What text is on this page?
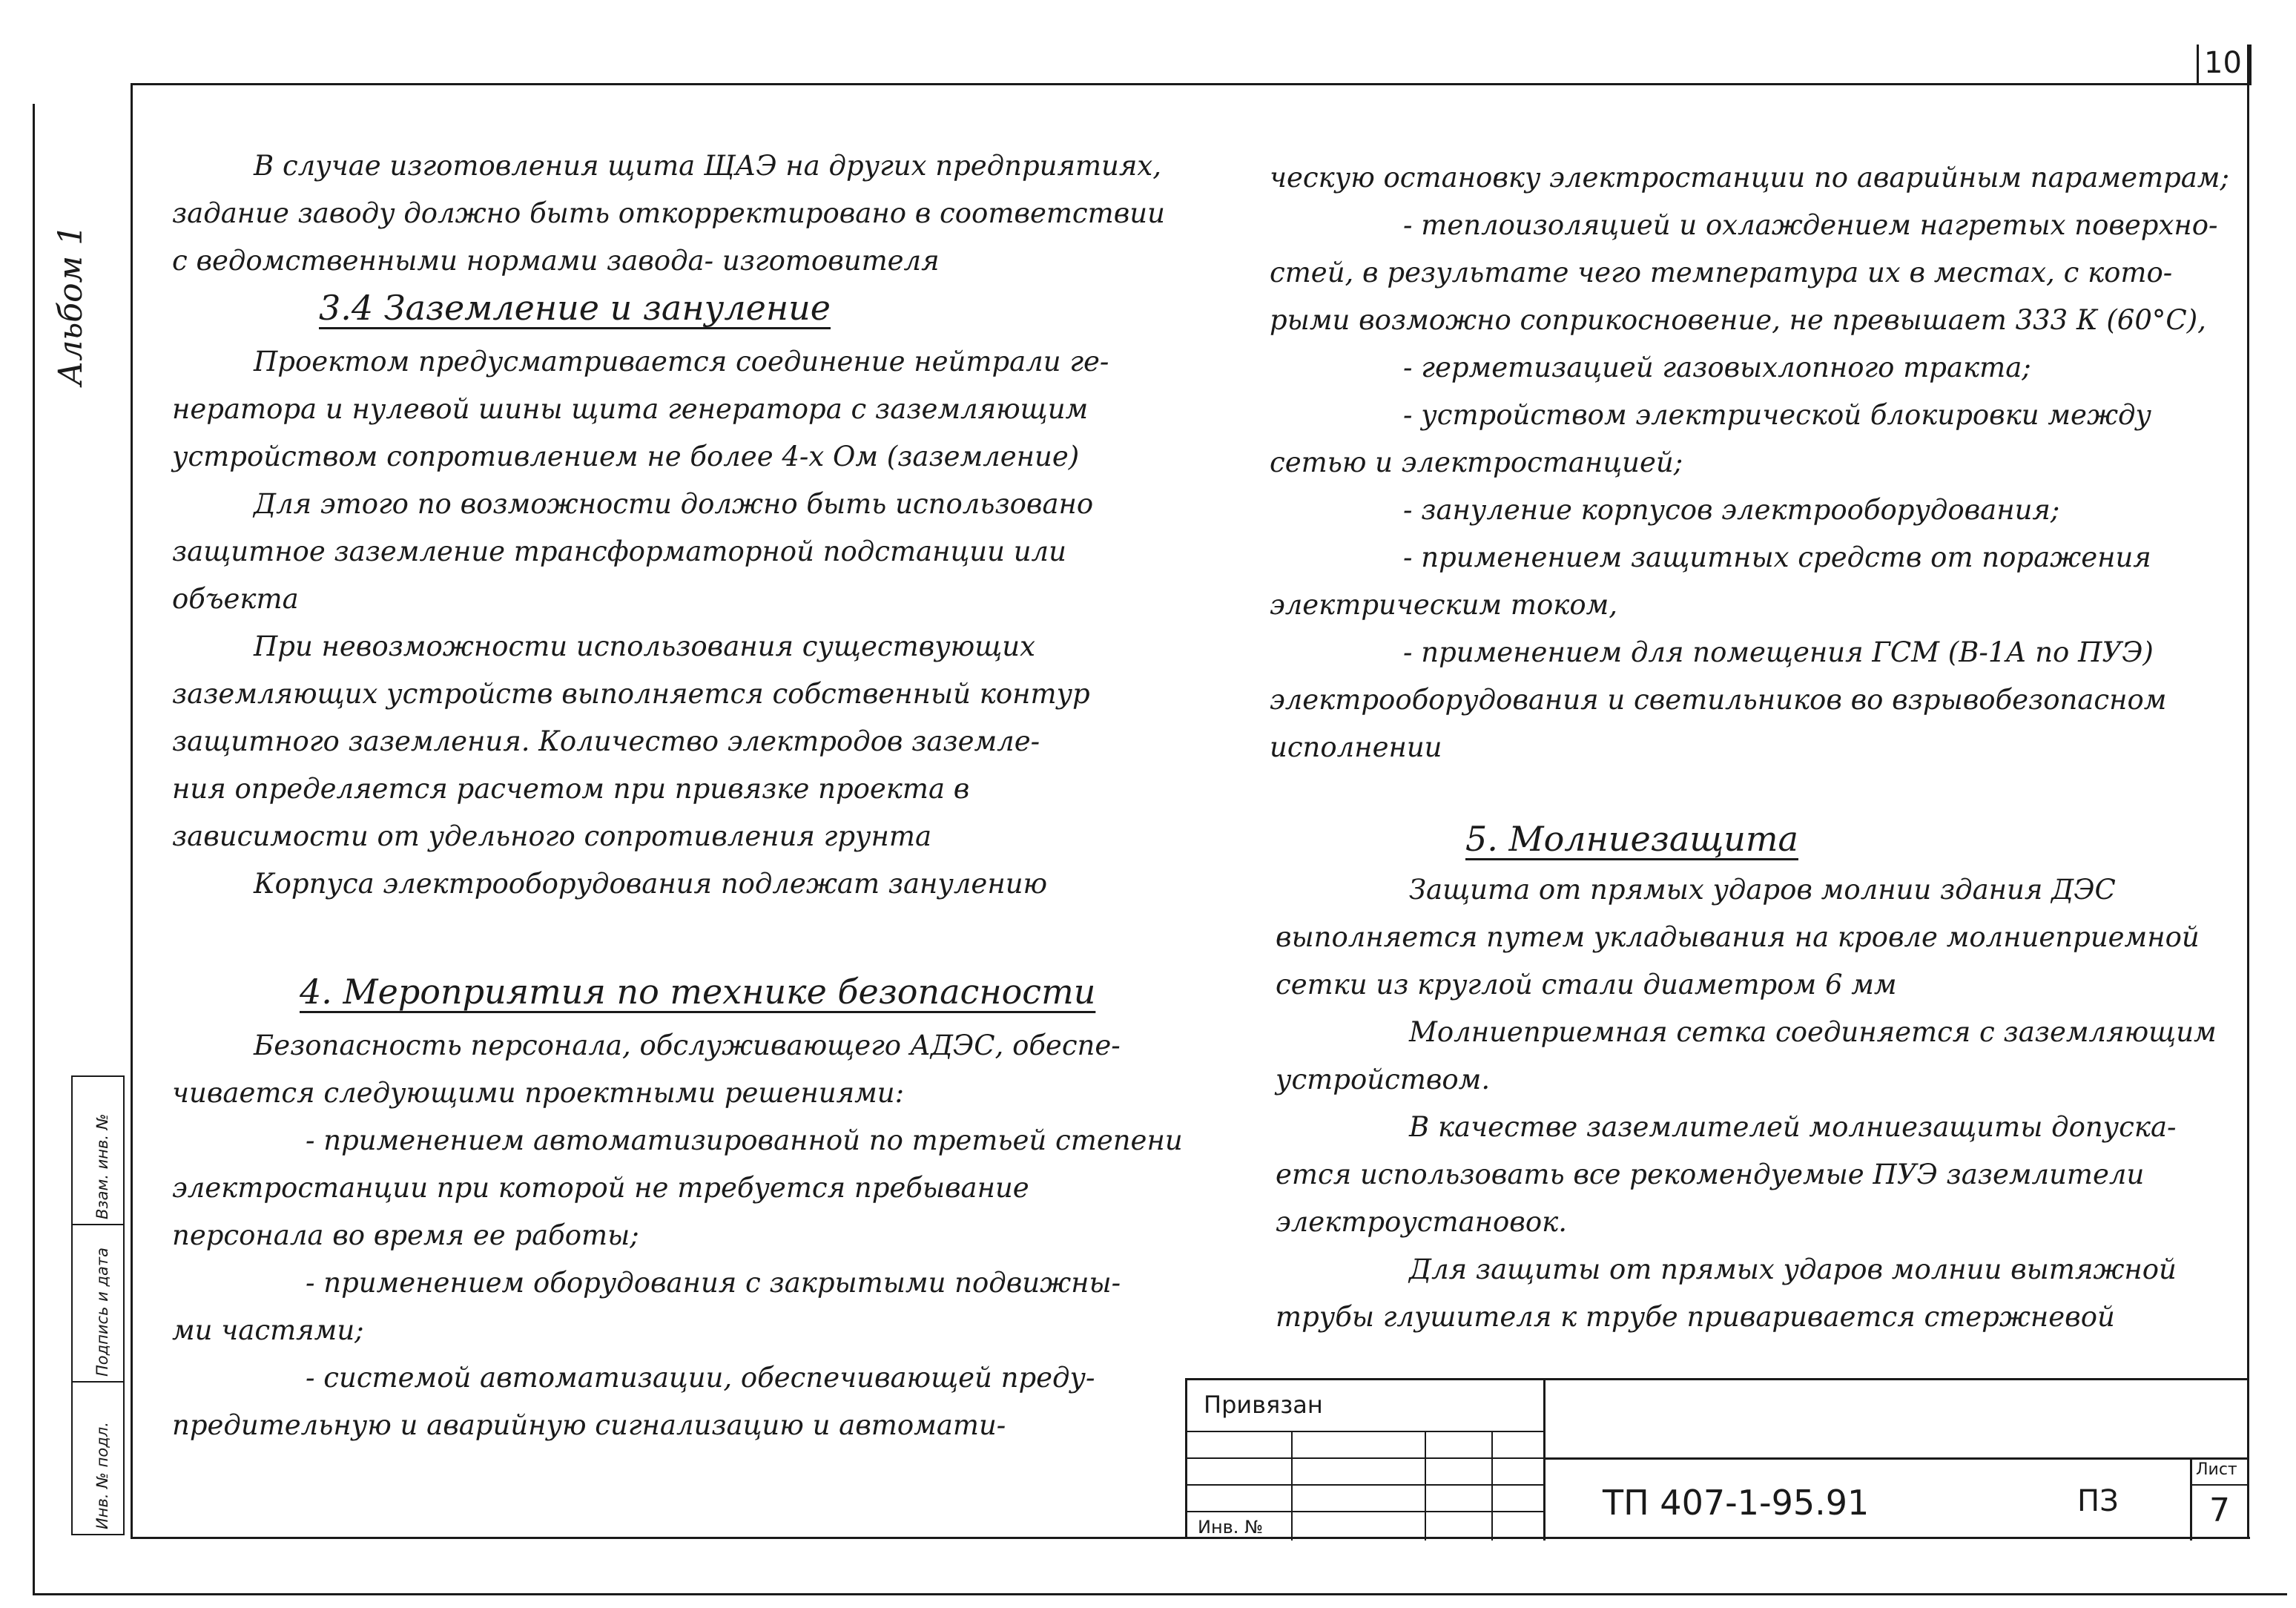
10
Альбом 1
Инв. № подл.
Подпись и дата
Взам. инв. №

В случае изготовления щита ЩАЭ на других предприятиях,

задание заводу должно быть откорректировано в соответствии

с ведомственными нормами завода- изготовителя

3.4 Заземление и зануление

Проектом предусматривается соединение нейтрали ге-

нератора и нулевой шины щита генератора с заземляющим

устройством сопротивлением не более 4-х Ом (заземление)

Для этого по возможности должно быть использовано

защитное заземление трансформаторной подстанции или

объекта

При невозможности использования существующих

заземляющих устройств выполняется собственный контур

защитного заземления. Количество электродов заземле-

ния определяется расчетом при привязке проекта в

зависимости от удельного сопротивления грунта

Корпуса электрооборудования подлежат занулению

4. Мероприятия по технике безопасности

Безопасность персонала, обслуживающего АДЭС, обеспе-

чивается следующими проектными решениями:

- применением автоматизированной по третьей степени

электростанции при которой не требуется пребывание

персонала во время ее работы;

- применением оборудования с закрытыми подвижны-

ми частями;

- системой автоматизации, обеспечивающей преду-

предительную и аварийную сигнализацию и автомати-

ческую остановку электростанции по аварийным параметрам;

- теплоизоляцией и охлаждением нагретых поверхно-

стей, в результате чего температура их в местах, с кото-

рыми возможно соприкосновение, не превышает 333 К (60°С),

- герметизацией газовыхлопного тракта;

- устройством электрической блокировки между

сетью и электростанцией;

- зануление корпусов электрооборудования;

- применением защитных средств от поражения

электрическим током,

- применением для помещения ГСМ (В-1А по ПУЭ)

электрооборудования и светильников во взрывобезопасном

исполнении

5. Молниезащита

Защита от прямых ударов молнии здания ДЭС

выполняется путем укладывания на кровле молниеприемной

сетки из круглой стали диаметром 6 мм

Молниеприемная сетка соединяется с заземляющим

устройством.

В качестве заземлителей молниезащиты допуска-

ется использовать все рекомендуемые ПУЭ заземлители

электроустановок.

Для защиты от прямых ударов молнии вытяжной

трубы глушителя к трубе приваривается стержневой

Привязан
Инв. №
ТП 407-1-95.91	ПЗ
Лист
7
